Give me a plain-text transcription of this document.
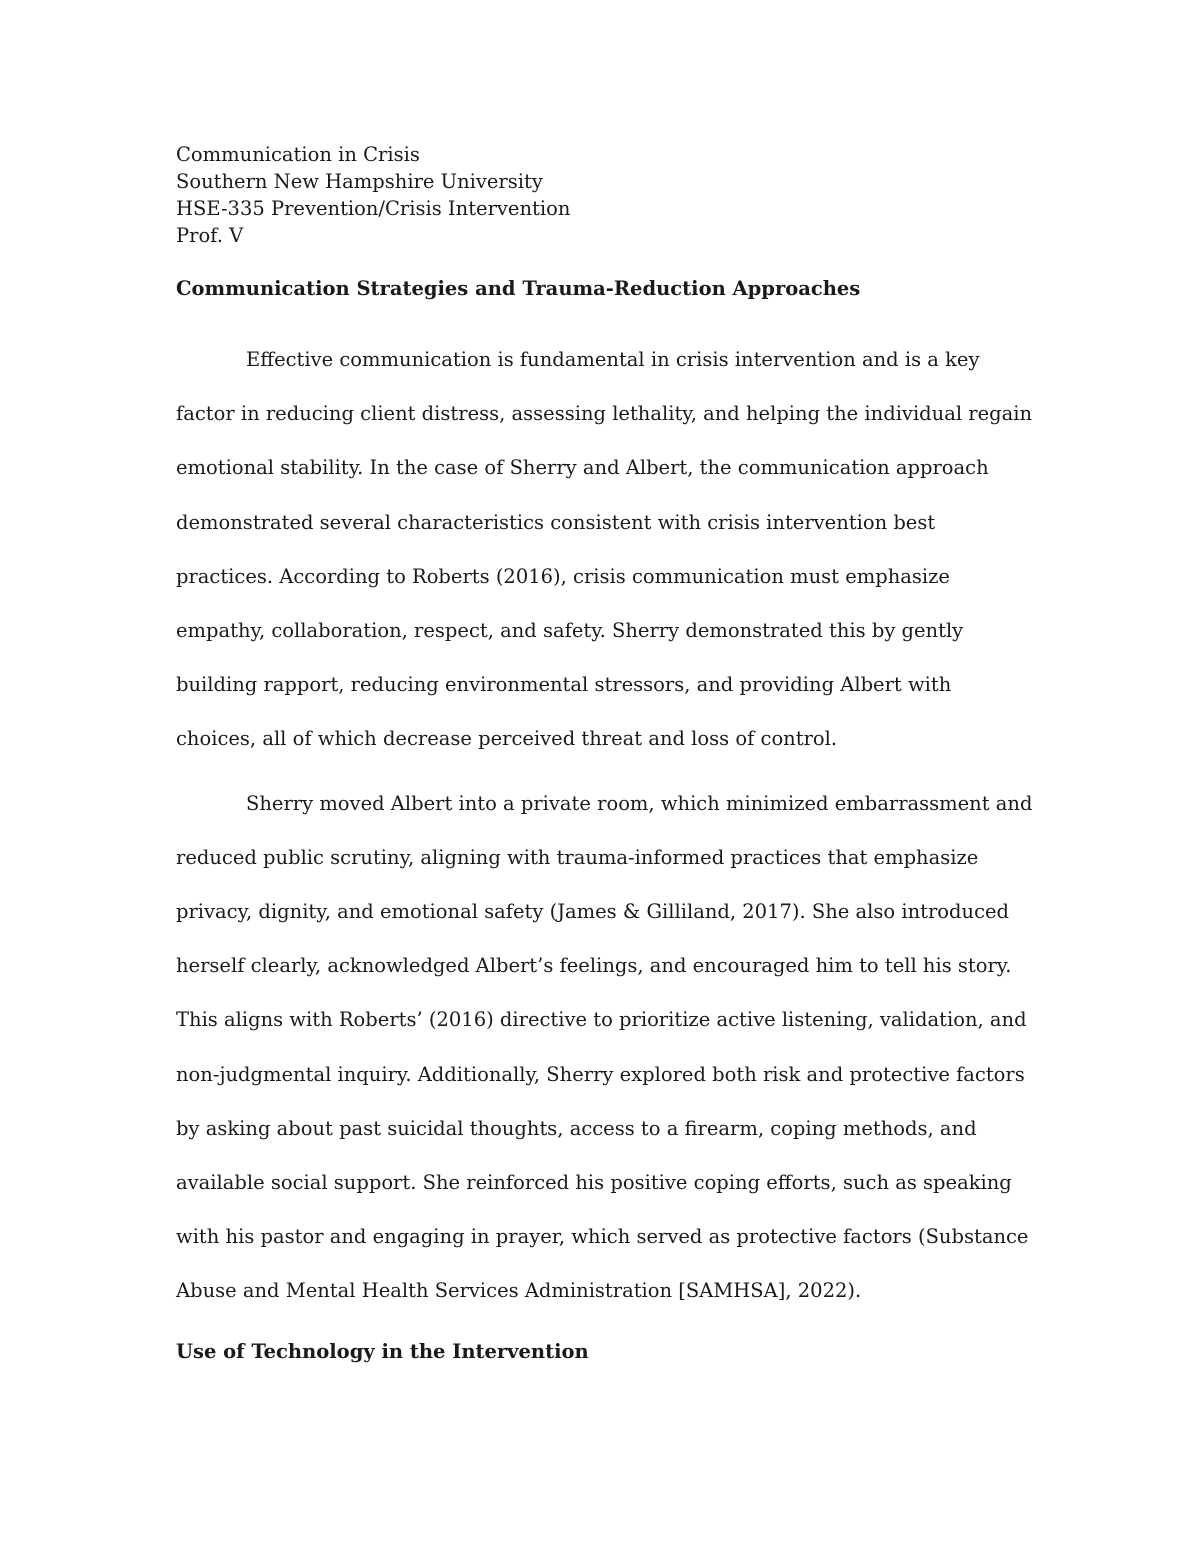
Communication in Crisis
Southern New Hampshire University
HSE-335 Prevention/Crisis Intervention
Prof. V
Communication Strategies and Trauma-Reduction Approaches

Effective communication is fundamental in crisis intervention and is a key factor in reducing client distress, assessing lethality, and helping the individual regain emotional stability. In the case of Sherry and Albert, the communication approach demonstrated several characteristics consistent with crisis intervention best practices. According to Roberts (2016), crisis communication must emphasize empathy, collaboration, respect, and safety. Sherry demonstrated this by gently building rapport, reducing environmental stressors, and providing Albert with choices, all of which decrease perceived threat and loss of control.

Sherry moved Albert into a private room, which minimized embarrassment and reduced public scrutiny, aligning with trauma-informed practices that emphasize privacy, dignity, and emotional safety (James & Gilliland, 2017). She also introduced herself clearly, acknowledged Albert’s feelings, and encouraged him to tell his story. This aligns with Roberts’ (2016) directive to prioritize active listening, validation, and non-judgmental inquiry. Additionally, Sherry explored both risk and protective factors by asking about past suicidal thoughts, access to a firearm, coping methods, and available social support. She reinforced his positive coping efforts, such as speaking with his pastor and engaging in prayer, which served as protective factors (Substance Abuse and Mental Health Services Administration [SAMHSA], 2022).

Use of Technology in the Intervention
